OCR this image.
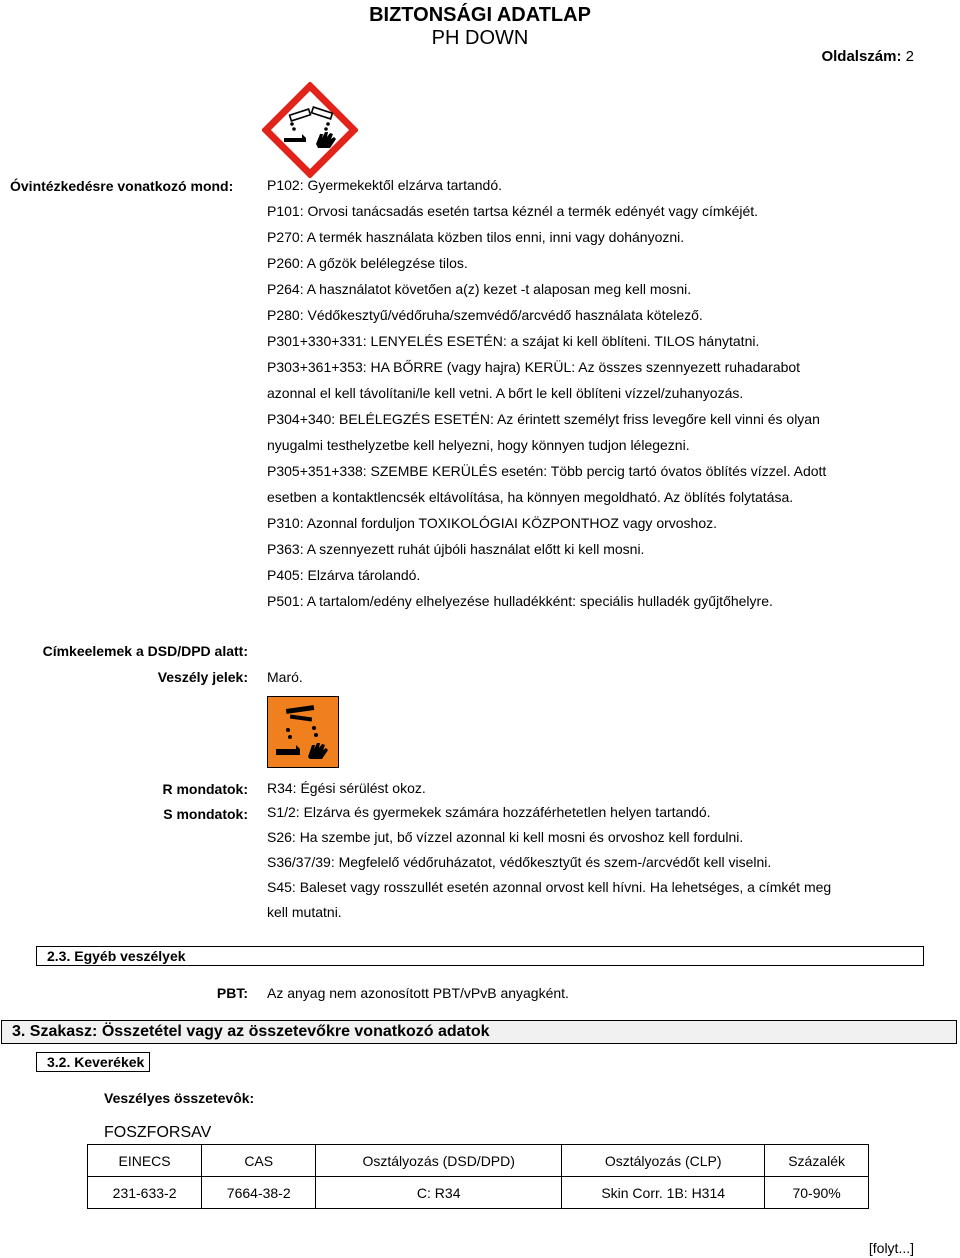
BIZTONSÁGI ADATLAP
PH DOWN
Oldalszám: 2
Óvintézkedésre vonatkozó mond: P102: Gyermekektől elzárva tartandó.
P101: Orvosi tanácsadás esetén tartsa kéznél a termék edényét vagy címkéjét.
P270: A termék használata közben tilos enni, inni vagy dohányozni.
P260: A gőzök belélegzése tilos.
P264: A használatot követően a(z) kezet -t alaposan meg kell mosni.
P280: Védőkesztyű/védőruha/szemvédő/arcvédő használata kötelező.
P301+330+331: LENYELÉS ESETÉN: a szájat ki kell öblíteni. TILOS hánytatni.
P303+361+353: HA BŐRRE (vagy hajra) KERÜL: Az összes szennyezett ruhadarabot
azonnal el kell távolítani/le kell vetni. A bőrt le kell öblíteni vízzel/zuhanyozás.
P304+340: BELÉLEGZÉS ESETÉN: Az érintett személyt friss levegőre kell vinni és olyan
nyugalmi testhelyzetbe kell helyezni, hogy könnyen tudjon lélegezni.
P305+351+338: SZEMBE KERÜLÉS esetén: Több percig tartó óvatos öblítés vízzel. Adott
esetben a kontaktlencsék eltávolítása, ha könnyen megoldható. Az öblítés folytatása.
P310: Azonnal forduljon TOXIKOLÓGIAI KÖZPONTHOZ vagy orvoshoz.
P363: A szennyezett ruhát újbóli használat előtt ki kell mosni.
P405: Elzárva tárolandó.
P501: A tartalom/edény elhelyezése hulladékként: speciális hulladék gyűjtőhelyre.
Címkeelemek a DSD/DPD alatt:
Veszély jelek: Maró.
R mondatok: R34: Égési sérülést okoz.
S mondatok: S1/2: Elzárva és gyermekek számára hozzáférhetetlen helyen tartandó.
S26: Ha szembe jut, bő vízzel azonnal ki kell mosni és orvoshoz kell fordulni.
S36/37/39: Megfelelő védőruházatot, védőkesztyűt és szem-/arcvédőt kell viselni.
S45: Baleset vagy rosszullét esetén azonnal orvost kell hívni. Ha lehetséges, a címkét meg
kell mutatni.
2.3. Egyéb veszélyek
PBT: Az anyag nem azonosított PBT/vPvB anyagként.
3. Szakasz: Összetétel vagy az összetevőkre vonatkozó adatok
3.2. Keverékek
Veszélyes összetevôk:
FOSZFORSAV
EINECS	CAS	Osztályozás (DSD/DPD)	Osztályozás (CLP)	Százalék
231-633-2	7664-38-2	C: R34	Skin Corr. 1B: H314	70-90%
[folyt...]
